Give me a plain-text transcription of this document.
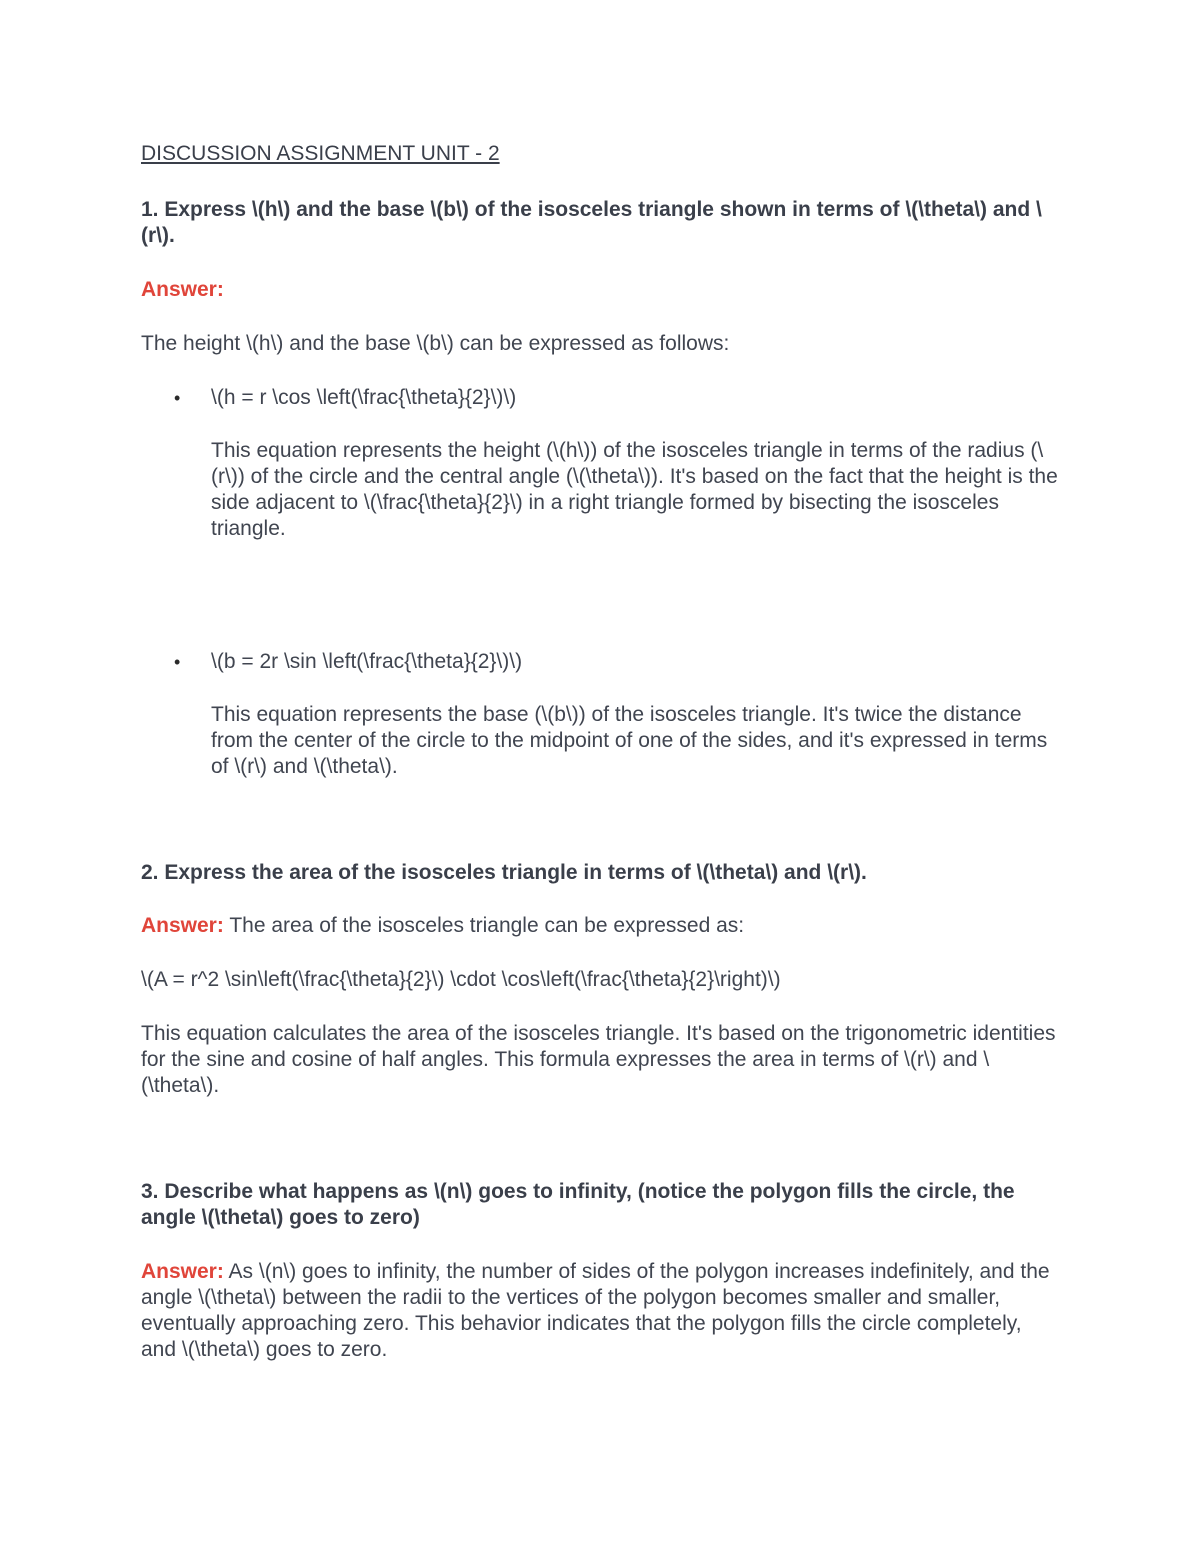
DISCUSSION ASSIGNMENT UNIT - 2

1. Express \(h\) and the base \(b\) of the isosceles triangle shown in terms of \(\theta\) and \(r\).

Answer:

The height \(h\) and the base \(b\) can be expressed as follows:

• \(h = r \cos \left(\frac{\theta}{2}\)\)

This equation represents the height (\(h\)) of the isosceles triangle in terms of the radius (\(r\)) of the circle and the central angle (\(\theta\)). It's based on the fact that the height is the side adjacent to \(\frac{\theta}{2}\) in a right triangle formed by bisecting the isosceles triangle.

• \(b = 2r \sin \left(\frac{\theta}{2}\)\)

This equation represents the base (\(b\)) of the isosceles triangle. It's twice the distance from the center of the circle to the midpoint of one of the sides, and it's expressed in terms of \(r\) and \(\theta\).

2. Express the area of the isosceles triangle in terms of \(\theta\) and \(r\).

Answer: The area of the isosceles triangle can be expressed as:

\(A = r^2 \sin\left(\frac{\theta}{2}\) \cdot \cos\left(\frac{\theta}{2}\right)\)

This equation calculates the area of the isosceles triangle. It's based on the trigonometric identities for the sine and cosine of half angles. This formula expresses the area in terms of \(r\) and \(\theta\).

3. Describe what happens as \(n\) goes to infinity, (notice the polygon fills the circle, the angle \(\theta\) goes to zero)

Answer: As \(n\) goes to infinity, the number of sides of the polygon increases indefinitely, and the angle \(\theta\) between the radii to the vertices of the polygon becomes smaller and smaller, eventually approaching zero. This behavior indicates that the polygon fills the circle completely, and \(\theta\) goes to zero.
